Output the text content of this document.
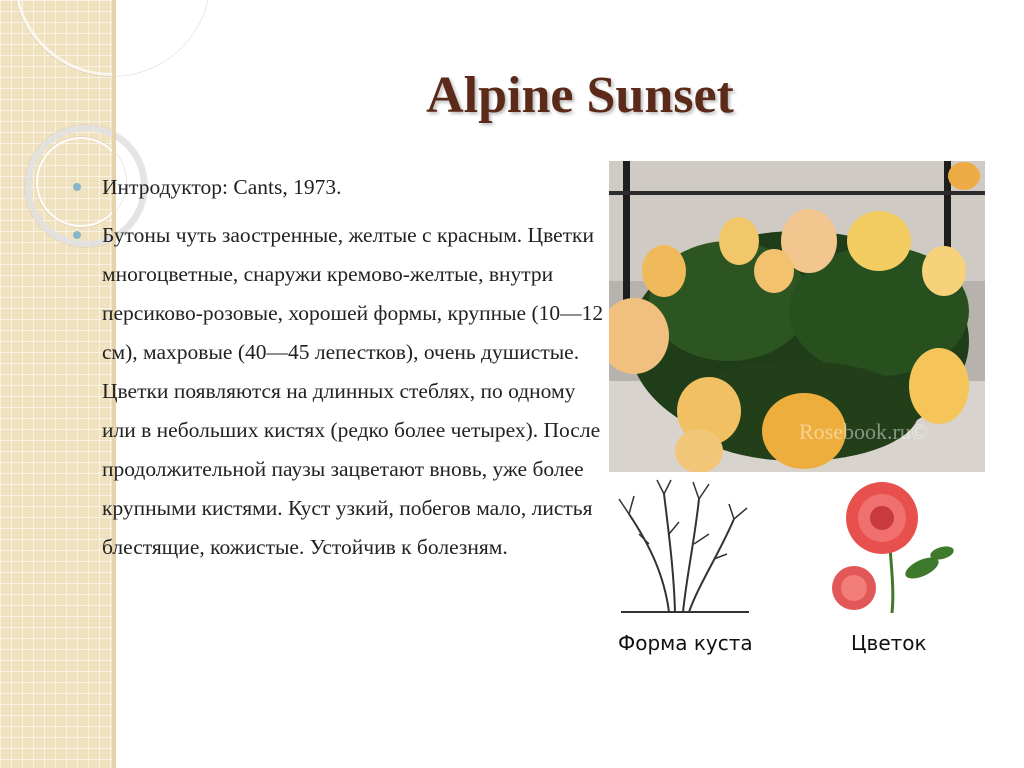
Alpine Sunset
Интродуктор: Cants, 1973.
Бутоны чуть заостренные, желтые с красным. Цветки многоцветные, снаружи кремово-желтые, внутри персиково-розовые, хорошей формы, крупные (10—12 см), махровые (40—45 лепестков), очень душистые. Цветки появляются на длинных стеблях, по одному или в небольших кистях (редко более четырех). После продолжительной паузы зацветают вновь, уже более крупными кистями. Куст узкий, побегов мало, листья блестящие, кожистые. Устойчив к болезням.
Rosebook.ru©
Форма куста	Цветок
